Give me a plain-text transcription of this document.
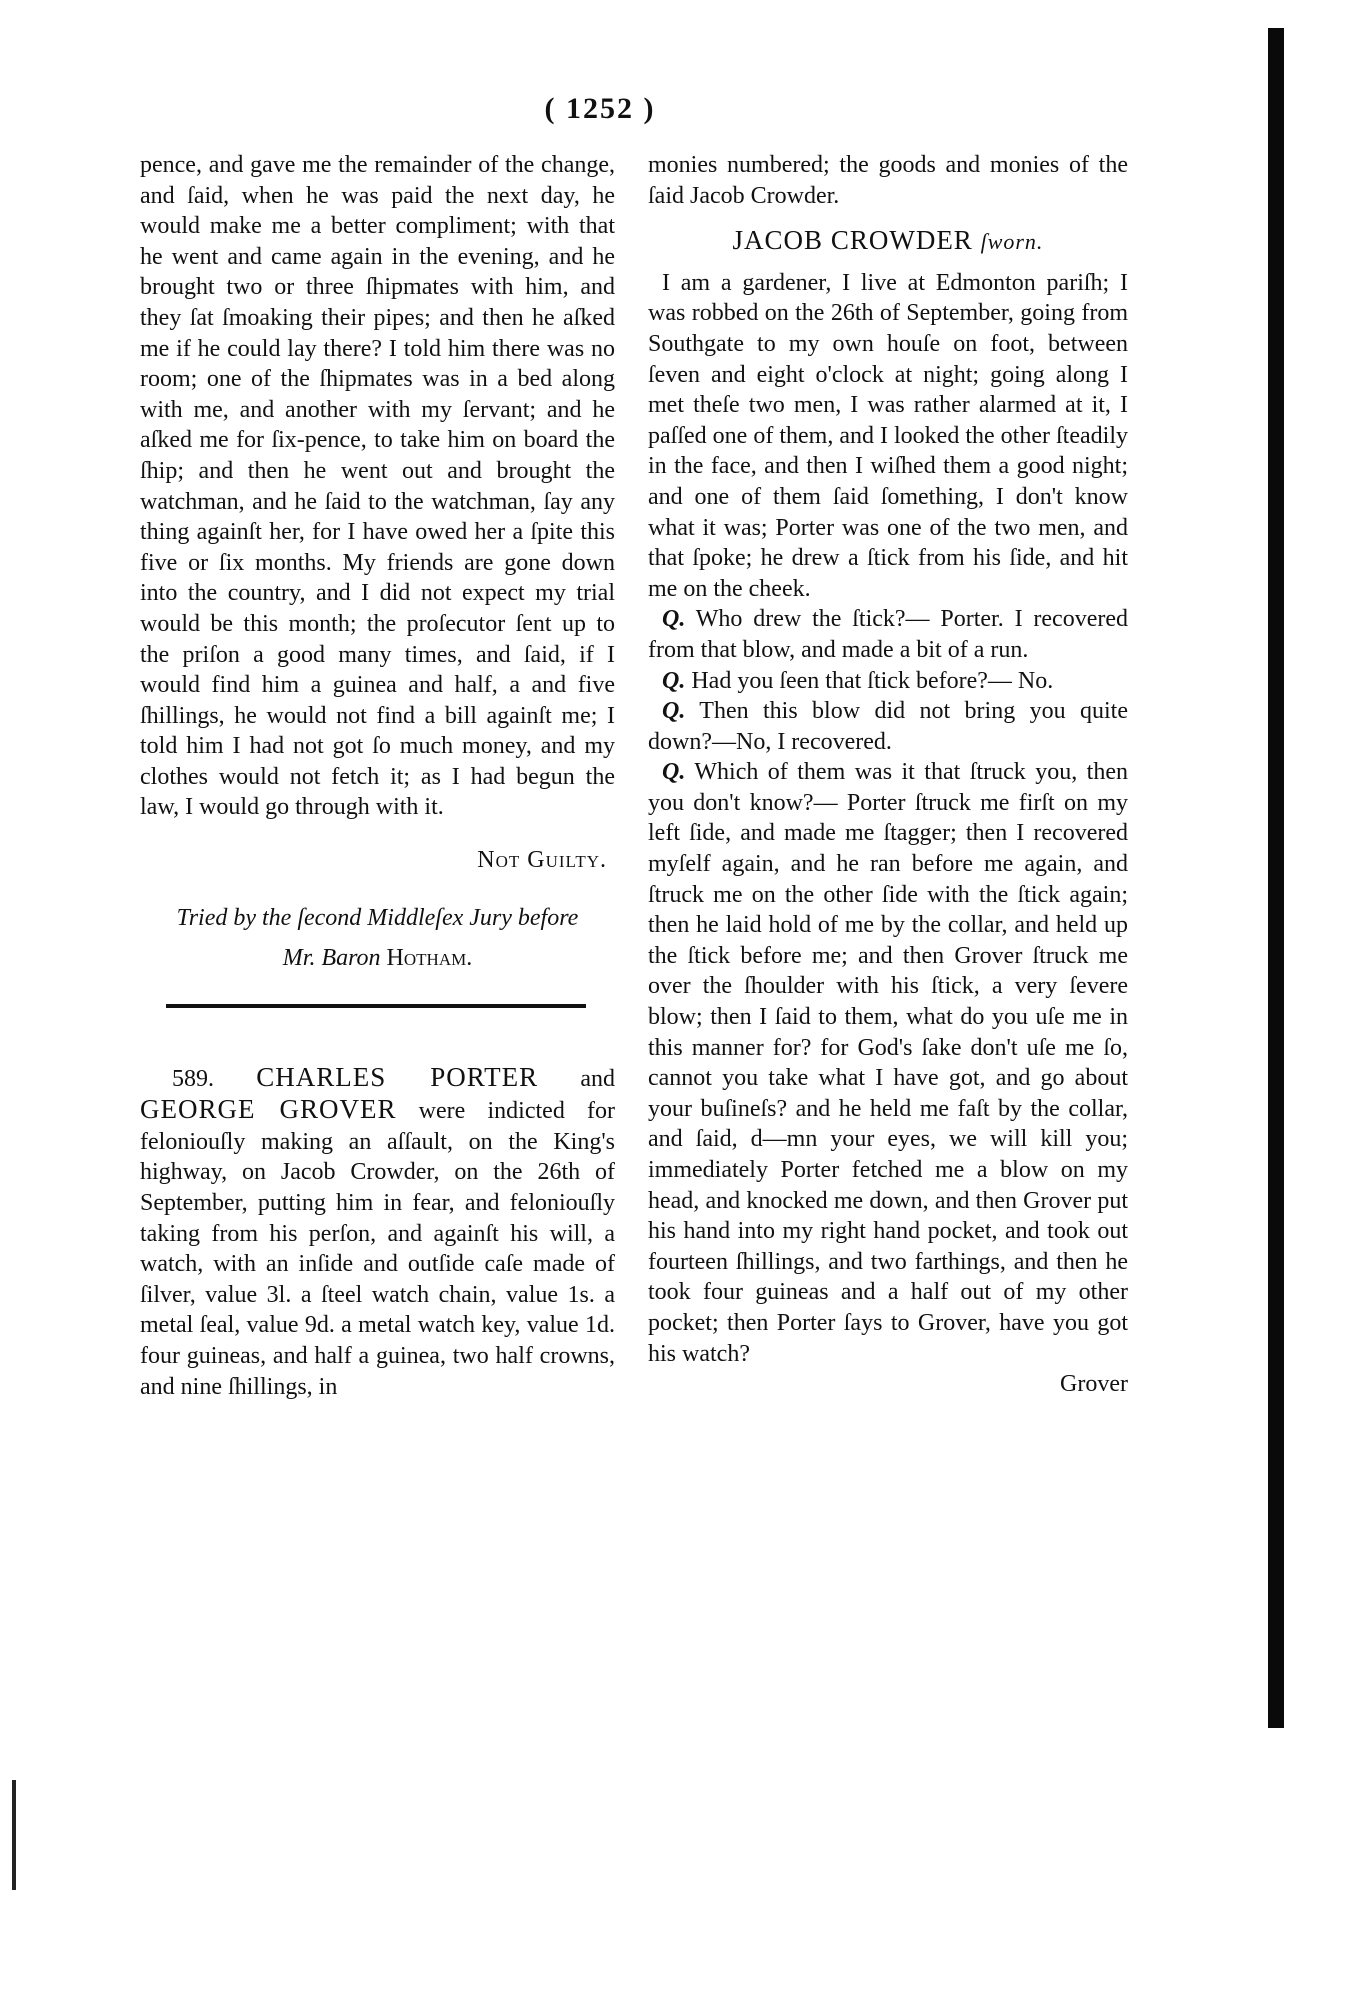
( 1252 )

pence, and gave me the remainder of the change, and ſaid, when he was paid the next day, he would make me a better compliment; with that he went and came again in the evening, and he brought two or three ſhipmates with him, and they ſat ſmoaking their pipes; and then he aſked me if he could lay there? I told him there was no room; one of the ſhipmates was in a bed along with me, and another with my ſervant; and he aſked me for ſix-pence, to take him on board the ſhip; and then he went out and brought the watchman, and he ſaid to the watchman, ſay any thing againſt her, for I have owed her a ſpite this five or ſix months. My friends are gone down into the country, and I did not expect my trial would be this month; the proſecutor ſent up to the priſon a good many times, and ſaid, if I would find him a guinea and half, a and five ſhillings, he would not find a bill againſt me; I told him I had not got ſo much money, and my clothes would not fetch it; as I had begun the law, I would go through with it.

Not Guilty.

Tried by the ſecond Middleſex Jury before
Mr. Baron Hotham.

589. CHARLES PORTER and GEORGE GROVER were indicted for feloniouſly making an aſſault, on the King's highway, on Jacob Crowder, on the 26th of September, putting him in fear, and feloniouſly taking from his perſon, and againſt his will, a watch, with an inſide and outſide caſe made of ſilver, value 3l. a ſteel watch chain, value 1s. a metal ſeal, value 9d. a metal watch key, value 1d. four guineas, and half a guinea, two half crowns, and nine ſhillings, in

monies numbered; the goods and monies of the ſaid Jacob Crowder.

JACOB CROWDER ſworn.

I am a gardener, I live at Edmonton pariſh; I was robbed on the 26th of September, going from Southgate to my own houſe on foot, between ſeven and eight o'clock at night; going along I met theſe two men, I was rather alarmed at it, I paſſed one of them, and I looked the other ſteadily in the face, and then I wiſhed them a good night; and one of them ſaid ſomething, I don't know what it was; Porter was one of the two men, and that ſpoke; he drew a ſtick from his ſide, and hit me on the cheek.

Q. Who drew the ſtick?— Porter. I recovered from that blow, and made a bit of a run.

Q. Had you ſeen that ſtick before?— No.

Q. Then this blow did not bring you quite down?—No, I recovered.

Q. Which of them was it that ſtruck you, then you don't know?— Porter ſtruck me firſt on my left ſide, and made me ſtagger; then I recovered myſelf again, and he ran before me again, and ſtruck me on the other ſide with the ſtick again; then he laid hold of me by the collar, and held up the ſtick before me; and then Grover ſtruck me over the ſhoulder with his ſtick, a very ſevere blow; then I ſaid to them, what do you uſe me in this manner for? for God's ſake don't uſe me ſo, cannot you take what I have got, and go about your buſineſs? and he held me faſt by the collar, and ſaid, d—mn your eyes, we will kill you; immediately Porter fetched me a blow on my head, and knocked me down, and then Grover put his hand into my right hand pocket, and took out fourteen ſhillings, and two farthings, and then he took four guineas and a half out of my other pocket; then Porter ſays to Grover, have you got his watch?

Grover
